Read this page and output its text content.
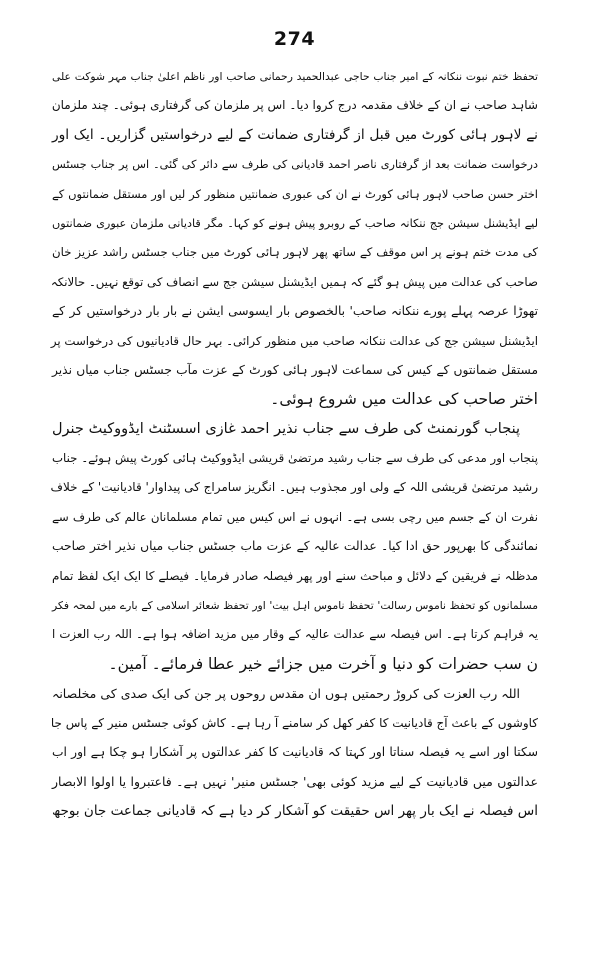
274
تحفظ ختم نبوت ننکانہ کے امیر جناب حاجی عبدالحمید رحمانی صاحب اور ناظم اعلیٰ جناب مہر شوکت علی
شاہد صاحب نے ان کے خلاف مقدمہ درج کروا دیا۔ اس پر ملزمان کی گرفتاری ہوئی۔ چند ملزمان
نے لاہور ہائی کورٹ میں قبل از گرفتاری ضمانت کے لیے درخواستیں گزاریں۔ ایک اور
درخواست ضمانت بعد از گرفتاری ناصر احمد قادیانی کی طرف سے دائر کی گئی۔ اس پر جناب جسٹس
اختر حسن صاحب لاہور ہائی کورٹ نے ان کی عبوری ضمانتیں منظور کر لیں اور مستقل ضمانتوں کے
لیے ایڈیشنل سیشن جج ننکانہ صاحب کے روبرو پیش ہونے کو کہا۔ مگر قادیانی ملزمان عبوری ضمانتوں
کی مدت ختم ہونے پر اس موقف کے ساتھ پھر لاہور ہائی کورٹ میں جناب جسٹس راشد عزیز خان
صاحب کی عدالت میں پیش ہو گئے کہ ہمیں ایڈیشنل سیشن جج سے انصاف کی توقع نہیں۔ حالانکہ
تھوڑا عرصہ پہلے پورے ننکانہ صاحب' بالخصوص بار ایسوسی ایشن نے بار بار درخواستیں کر کے
ایڈیشنل سیشن جج کی عدالت ننکانہ صاحب میں منظور کرائی۔ بہر حال قادیانیوں کی درخواست پر
مستقل ضمانتوں کے کیس کی سماعت لاہور ہائی کورٹ کے عزت مآب جسٹس جناب میاں نذیر
اختر صاحب کی عدالت میں شروع ہوئی۔
پنجاب گورنمنٹ کی طرف سے جناب نذیر احمد غازی اسسٹنٹ ایڈووکیٹ جنرل
پنجاب اور مدعی کی طرف سے جناب رشید مرتضیٰ قریشی ایڈووکیٹ ہائی کورٹ پیش ہوئے۔ جناب
رشید مرتضیٰ قریشی اللہ کے ولی اور مجذوب ہیں۔ انگریز سامراج کی پیداوار' قادیانیت' کے خلاف
نفرت ان کے جسم میں رچی بسی ہے۔ انہوں نے اس کیس میں تمام مسلمانان عالم کی طرف سے
نمائندگی کا بھرپور حق ادا کیا۔ عدالت عالیہ کے عزت ماب جسٹس جناب میاں نذیر اختر صاحب
مدظلہ نے فریقین کے دلائل و مباحث سنے اور پھر فیصلہ صادر فرمایا۔ فیصلے کا ایک ایک لفظ تمام
مسلمانوں کو تحفظ ناموس رسالت' تحفظ ناموس اہل بیت' اور تحفظ شعائر اسلامی کے بارے میں لمحہ فکر
یہ فراہم کرتا ہے۔ اس فیصلہ سے عدالت عالیہ کے وقار میں مزید اضافہ ہوا ہے۔ اللہ رب العزت ا
ن سب حضرات کو دنیا و آخرت میں جزائے خیر عطا فرمائے۔ آمین۔
اللہ رب العزت کی کروڑ رحمتیں ہوں ان مقدس روحوں پر جن کی ایک صدی کی مخلصانہ
کاوشوں کے باعث آج قادیانیت کا کفر کھل کر سامنے آ رہا ہے۔ کاش کوئی جسٹس منیر کے پاس جا
سکتا اور اسے یہ فیصلہ سناتا اور کہتا کہ قادیانیت کا کفر عدالتوں پر آشکارا ہو چکا ہے اور اب
عدالتوں میں قادیانیت کے لیے مزید کوئی بھی' جسٹس منیر' نہیں ہے۔ فاعتبروا یا اولوا الابصار
اس فیصلہ نے ایک بار پھر اس حقیقت کو آشکار کر دیا ہے کہ قادیانی جماعت جان بوجھ
